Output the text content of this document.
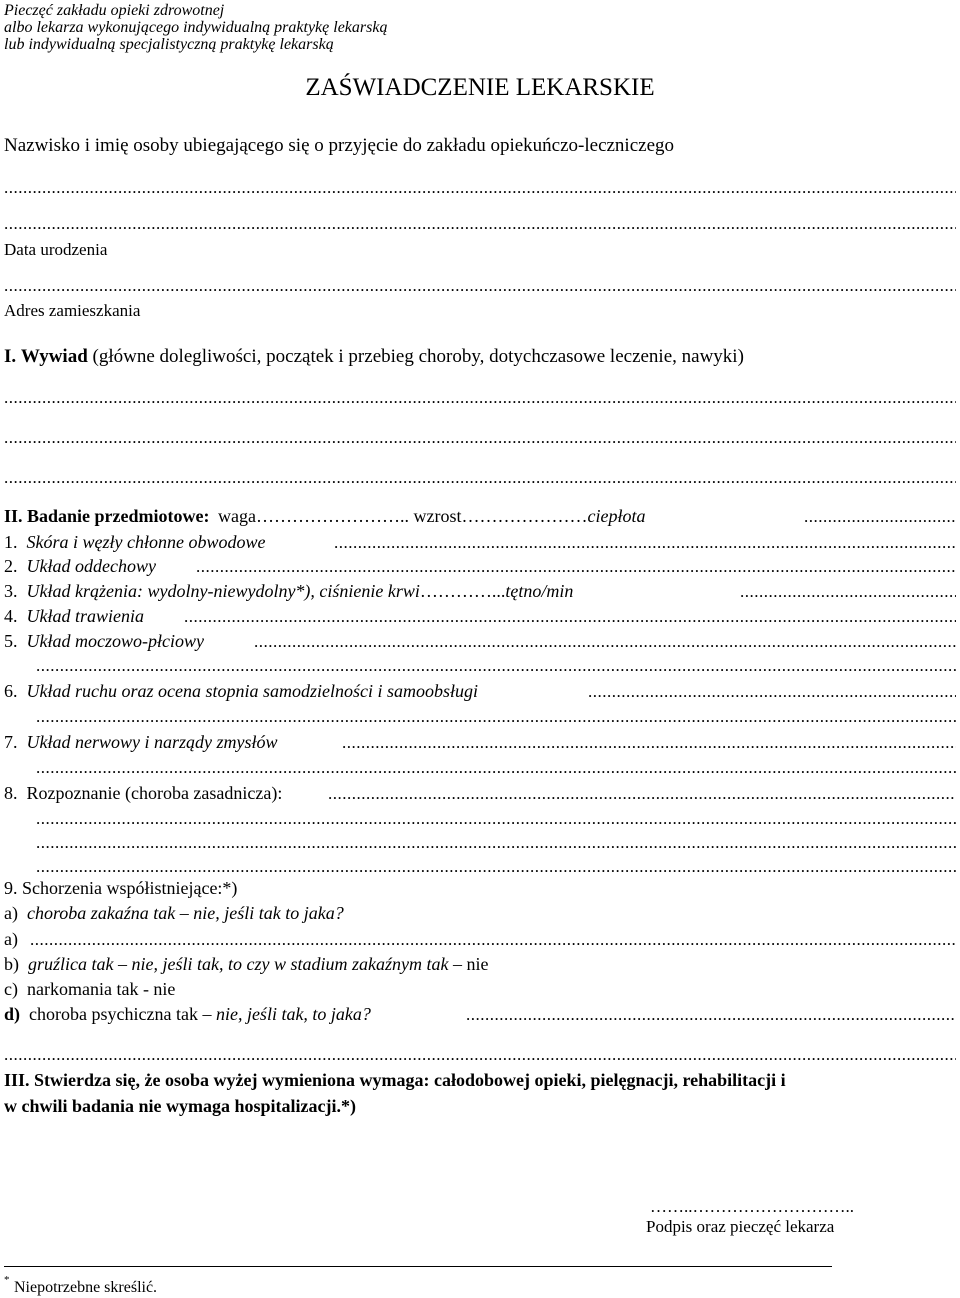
Pieczęć zakładu opieki zdrowotnej
albo lekarza wykonującego indywidualną praktykę lekarską
lub indywidualną specjalistyczną praktykę lekarską
ZAŚWIADCZENIE LEKARSKIE
Nazwisko i imię osoby ubiegającego się o przyjęcie do zakładu opiekuńczo-leczniczego
.....
.....
Data urodzenia
.....
Adres zamieszkania
I. Wywiad (główne dolegliwości, początek i przebieg choroby, dotychczasowe leczenie, nawyki)
.....
.....
.....
II. Badanie przedmiotowe: waga…………………….. wzrost…………………ciepłota
.....
1. Skóra i węzły chłonne obwodowe
.....
2. Układ oddechowy
.....
3. Układ krążenia: wydolny-niewydolny*), ciśnienie krwi…………...tętno/min
.....
4. Układ trawienia
.....
5. Układ moczowo-płciowy
.....
.....
6. Układ ruchu oraz ocena stopnia samodzielności i samoobsługi
.....
.....
7. Układ nerwowy i narządy zmysłów
.....
.....
8. Rozpoznanie (choroba zasadnicza):
.....
.....
.....
.....
9. Schorzenia współistniejące:*)
a) choroba zakaźna tak – nie, jeśli tak to jaka?
a)
.....
b) gruźlica tak – nie, jeśli tak, to czy w stadium zakaźnym tak – nie
c) narkomania tak - nie
d) choroba psychiczna tak – nie, jeśli tak, to jaka?
.....
.....
III. Stwierdza się, że osoba wyżej wymieniona wymaga: całodobowej opieki, pielęgnacji, rehabilitacji i
w chwili badania nie wymaga hospitalizacji.*)
……..………………………..
Podpis oraz pieczęć lekarza
* Niepotrzebne skreślić.
